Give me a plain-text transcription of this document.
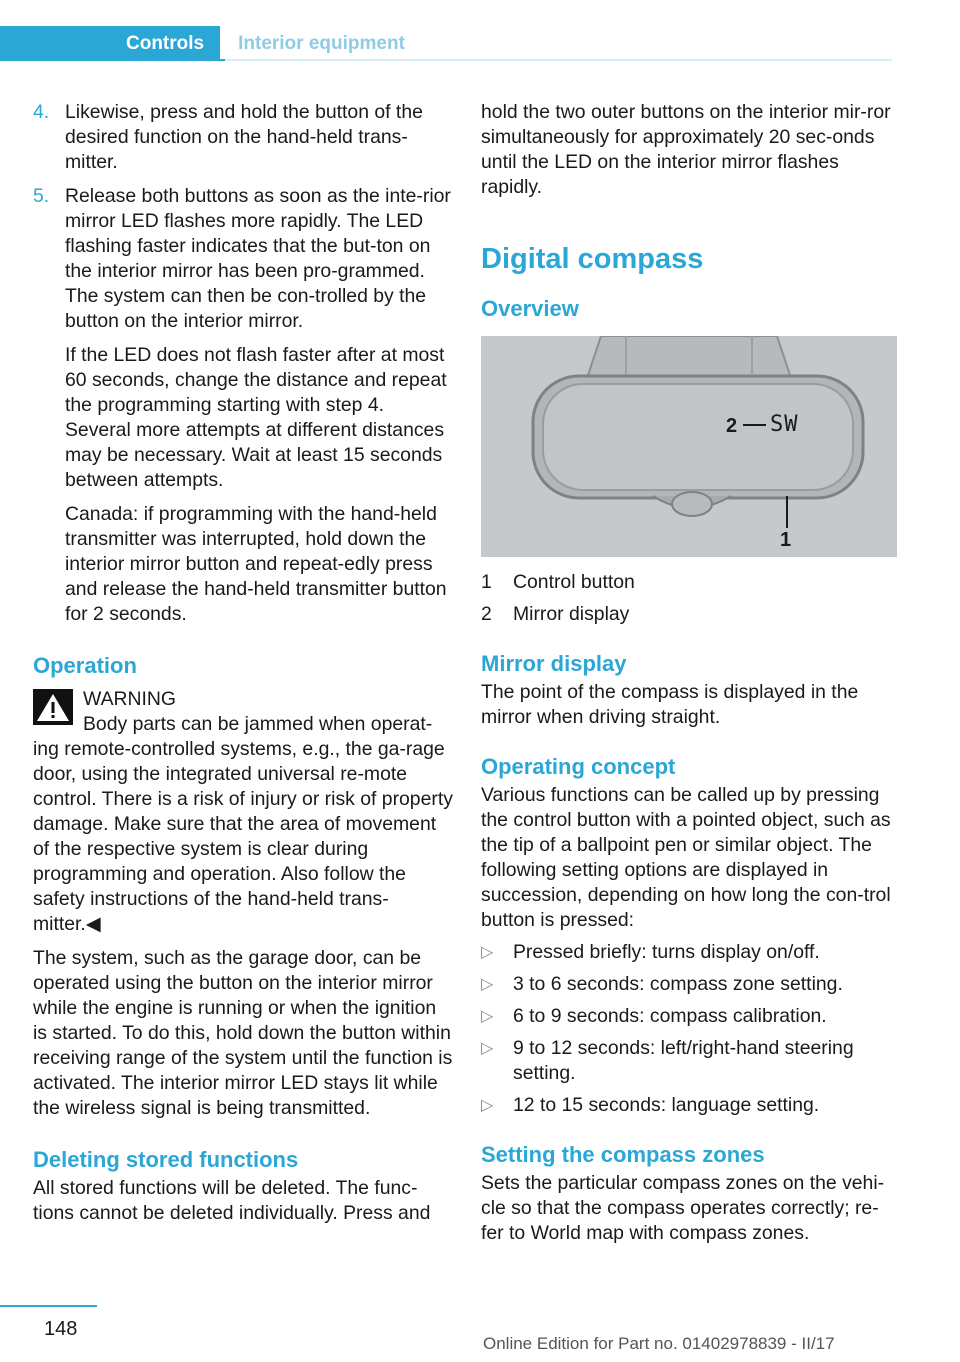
Controls	Interior equipment
4. Likewise, press and hold the button of the desired function on the hand-held trans‐mitter.
5. Release both buttons as soon as the inte‐rior mirror LED flashes more rapidly. The LED flashing faster indicates that the but‐ton on the interior mirror has been pro‐grammed. The system can then be con‐trolled by the button on the interior mirror.

If the LED does not flash faster after at most 60 seconds, change the distance and repeat the programming starting with step 4. Several more attempts at different distances may be necessary. Wait at least 15 seconds between attempts.

Canada: if programming with the hand-held transmitter was interrupted, hold down the interior mirror button and repeat‐edly press and release the hand-held transmitter button for 2 seconds.

Operation
WARNING
Body parts can be jammed when operat‐ing remote-controlled systems, e.g., the ga‐rage door, using the integrated universal re‐mote control. There is a risk of injury or risk of property damage. Make sure that the area of movement of the respective system is clear during programming and operation. Also follow the safety instructions of the hand-held trans‐mitter.◀

The system, such as the garage door, can be operated using the button on the interior mirror while the engine is running or when the ignition is started. To do this, hold down the button within receiving range of the system until the function is activated. The interior mirror LED stays lit while the wireless signal is being transmitted.

Deleting stored functions

All stored functions will be deleted. The func‐tions cannot be deleted individually. Press and

hold the two outer buttons on the interior mir‐ror simultaneously for approximately 20 sec‐onds until the LED on the interior mirror flashes rapidly.

Digital compass
Overview
2 SW
1
1	Control button
2	Mirror display
Mirror display

The point of the compass is displayed in the mirror when driving straight.

Operating concept

Various functions can be called up by pressing the control button with a pointed object, such as the tip of a ballpoint pen or similar object. The following setting options are displayed in succession, depending on how long the con‐trol button is pressed:

▷	Pressed briefly: turns display on/off.
▷	3 to 6 seconds: compass zone setting.
▷	6 to 9 seconds: compass calibration.
▷	9 to 12 seconds: left/right-hand steering setting.
▷	12 to 15 seconds: language setting.
Setting the compass zones

Sets the particular compass zones on the vehi‐cle so that the compass operates correctly; re‐fer to World map with compass zones.

148
Online Edition for Part no. 01402978839 - II/17
